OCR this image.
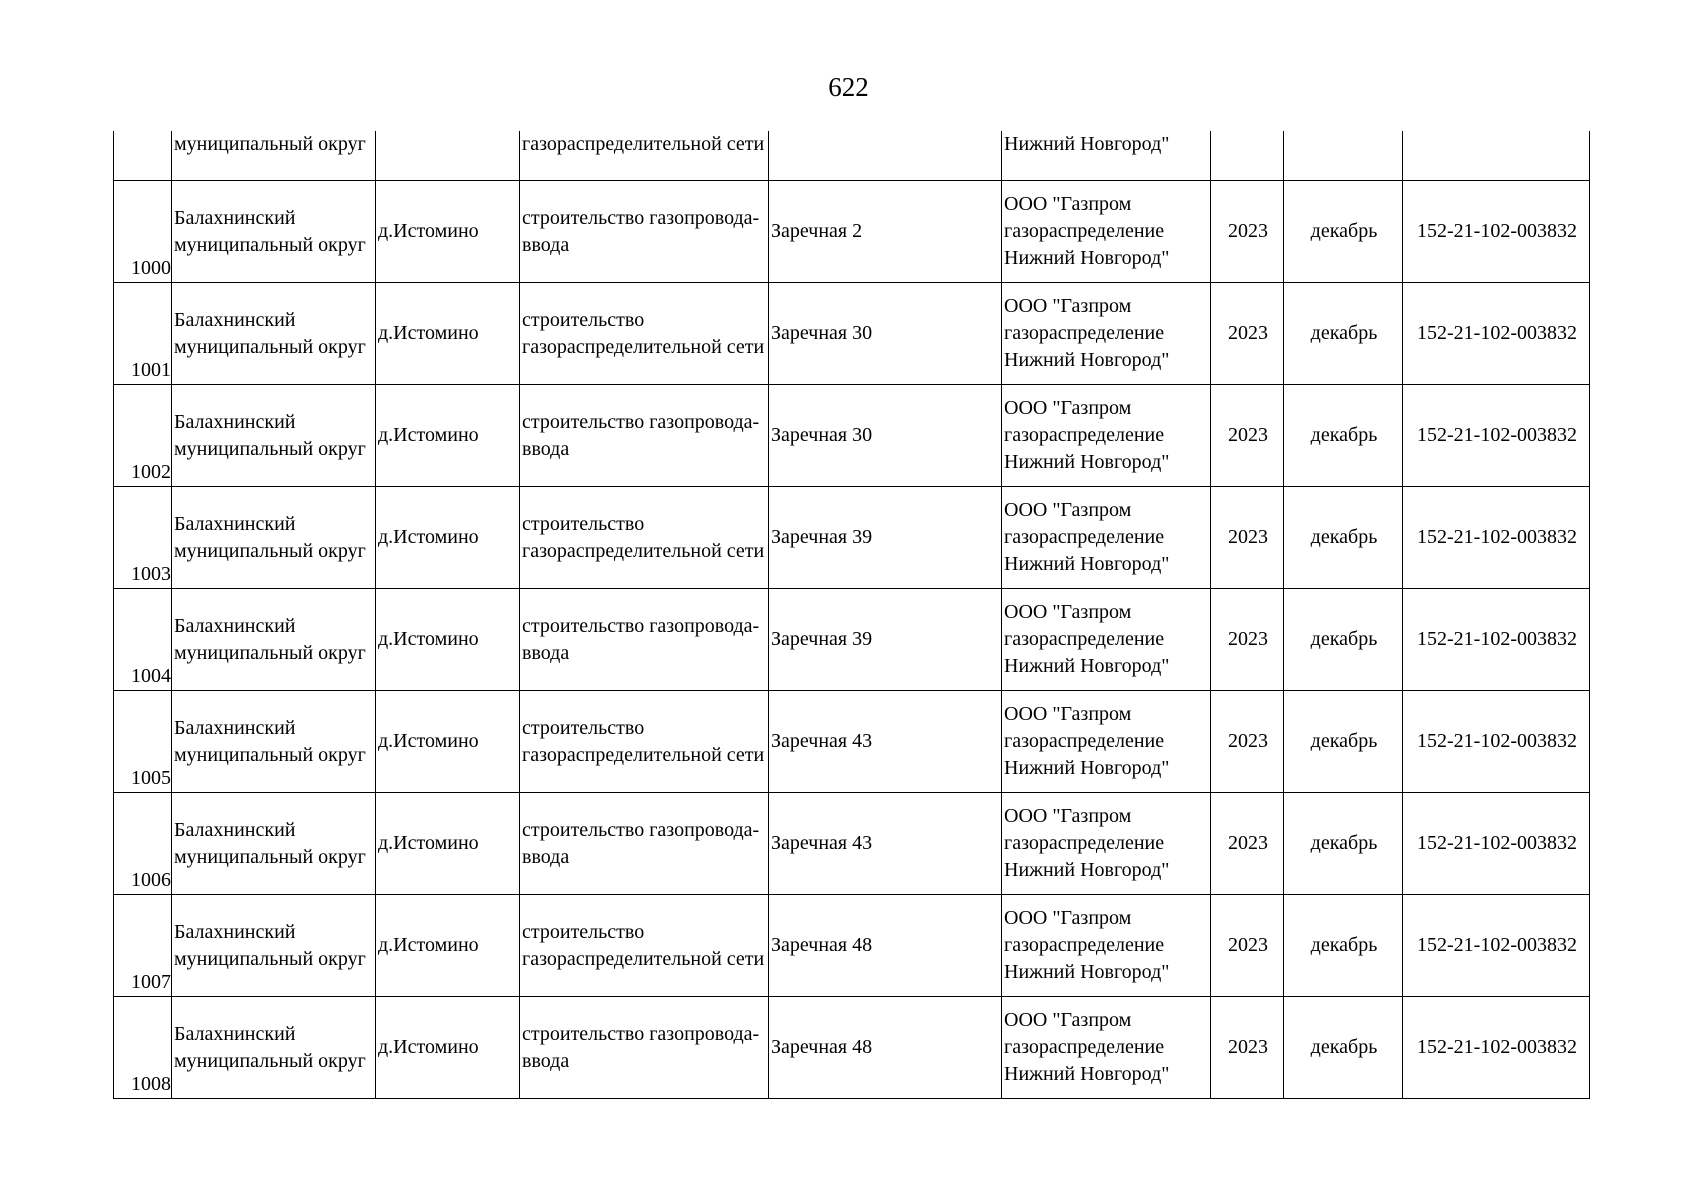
622
	муниципальный округ		газораспределительной сети		Нижний Новгород"			
1000	Балахнинский
муниципальный округ	д.Истомино	строительство газопровода-
ввода	Заречная 2	ООО "Газпром
газораспределение
Нижний Новгород"	2023	декабрь	152-21-102-003832
1001	Балахнинский
муниципальный округ	д.Истомино	строительство
газораспределительной сети	Заречная 30	ООО "Газпром
газораспределение
Нижний Новгород"	2023	декабрь	152-21-102-003832
1002	Балахнинский
муниципальный округ	д.Истомино	строительство газопровода-
ввода	Заречная 30	ООО "Газпром
газораспределение
Нижний Новгород"	2023	декабрь	152-21-102-003832
1003	Балахнинский
муниципальный округ	д.Истомино	строительство
газораспределительной сети	Заречная 39	ООО "Газпром
газораспределение
Нижний Новгород"	2023	декабрь	152-21-102-003832
1004	Балахнинский
муниципальный округ	д.Истомино	строительство газопровода-
ввода	Заречная 39	ООО "Газпром
газораспределение
Нижний Новгород"	2023	декабрь	152-21-102-003832
1005	Балахнинский
муниципальный округ	д.Истомино	строительство
газораспределительной сети	Заречная 43	ООО "Газпром
газораспределение
Нижний Новгород"	2023	декабрь	152-21-102-003832
1006	Балахнинский
муниципальный округ	д.Истомино	строительство газопровода-
ввода	Заречная 43	ООО "Газпром
газораспределение
Нижний Новгород"	2023	декабрь	152-21-102-003832
1007	Балахнинский
муниципальный округ	д.Истомино	строительство
газораспределительной сети	Заречная 48	ООО "Газпром
газораспределение
Нижний Новгород"	2023	декабрь	152-21-102-003832
1008	Балахнинский
муниципальный округ	д.Истомино	строительство газопровода-
ввода	Заречная 48	ООО "Газпром
газораспределение
Нижний Новгород"	2023	декабрь	152-21-102-003832
